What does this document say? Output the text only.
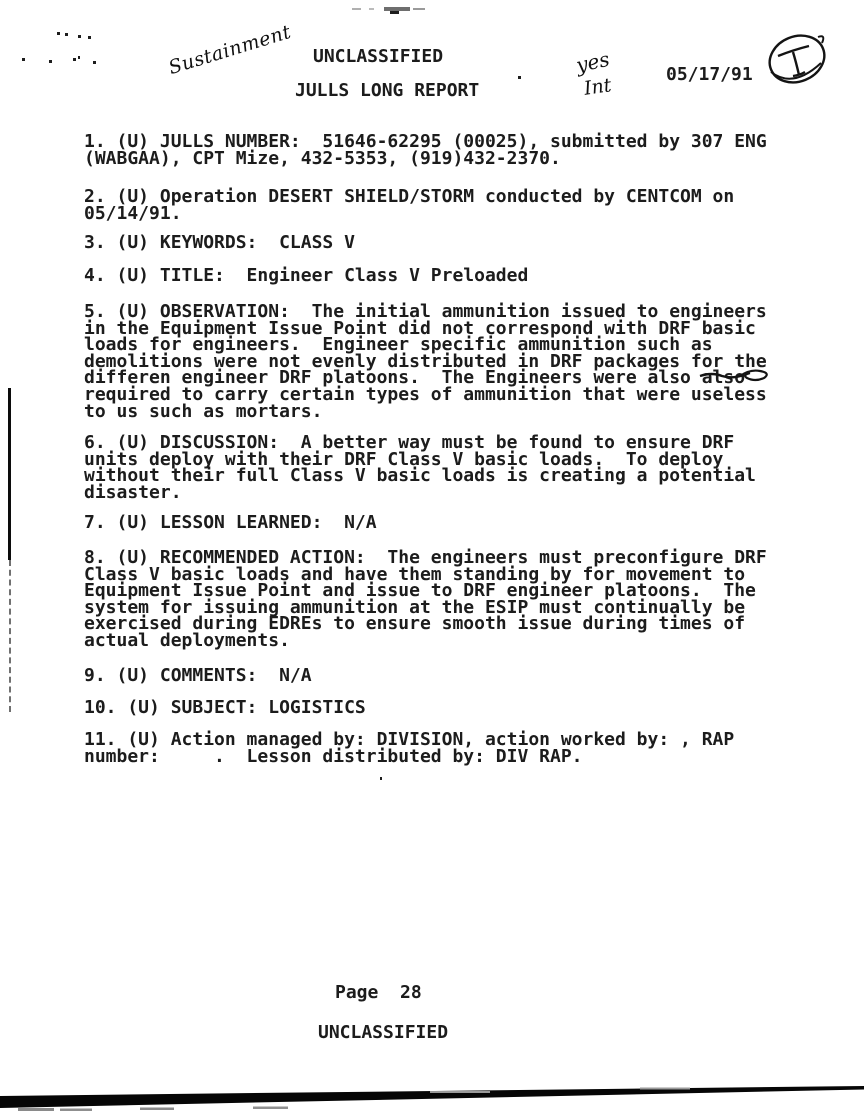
Sustainment UNCLASSIFIED
JULLS LONG REPORT
yes
Int	05/17/91
1. (U) JULLS NUMBER:  51646-62295 (00025), submitted by 307 ENG
(WABGAA), CPT Mize, 432-5353, (919)432-2370.
2. (U) Operation DESERT SHIELD/STORM conducted by CENTCOM on
05/14/91.
3. (U) KEYWORDS:  CLASS V
4. (U) TITLE:  Engineer Class V Preloaded
5. (U) OBSERVATION:  The initial ammunition issued to engineers
in the Equipment Issue Point did not correspond with DRF basic
loads for engineers.  Engineer specific ammunition such as
demolitions were not evenly distributed in DRF packages for the
differen engineer DRF platoons.  The Engineers were also also

required to carry certain types of ammunition that were useless
to us such as mortars.
6. (U) DISCUSSION:  A better way must be found to ensure DRF
units deploy with their DRF Class V basic loads.  To deploy
without their full Class V basic loads is creating a potential
disaster.
7. (U) LESSON LEARNED:  N/A
8. (U) RECOMMENDED ACTION:  The engineers must preconfigure DRF
Class V basic loads and have them standing by for movement to
Equipment Issue Point and issue to DRF engineer platoons.  The
system for issuing ammunition at the ESIP must continually be
exercised during EDREs to ensure smooth issue during times of
actual deployments.
9. (U) COMMENTS:  N/A
10. (U) SUBJECT: LOGISTICS
11. (U) Action managed by: DIVISION, action worked by: , RAP
number:     .  Lesson distributed by: DIV RAP.
Page  28
UNCLASSIFIED
